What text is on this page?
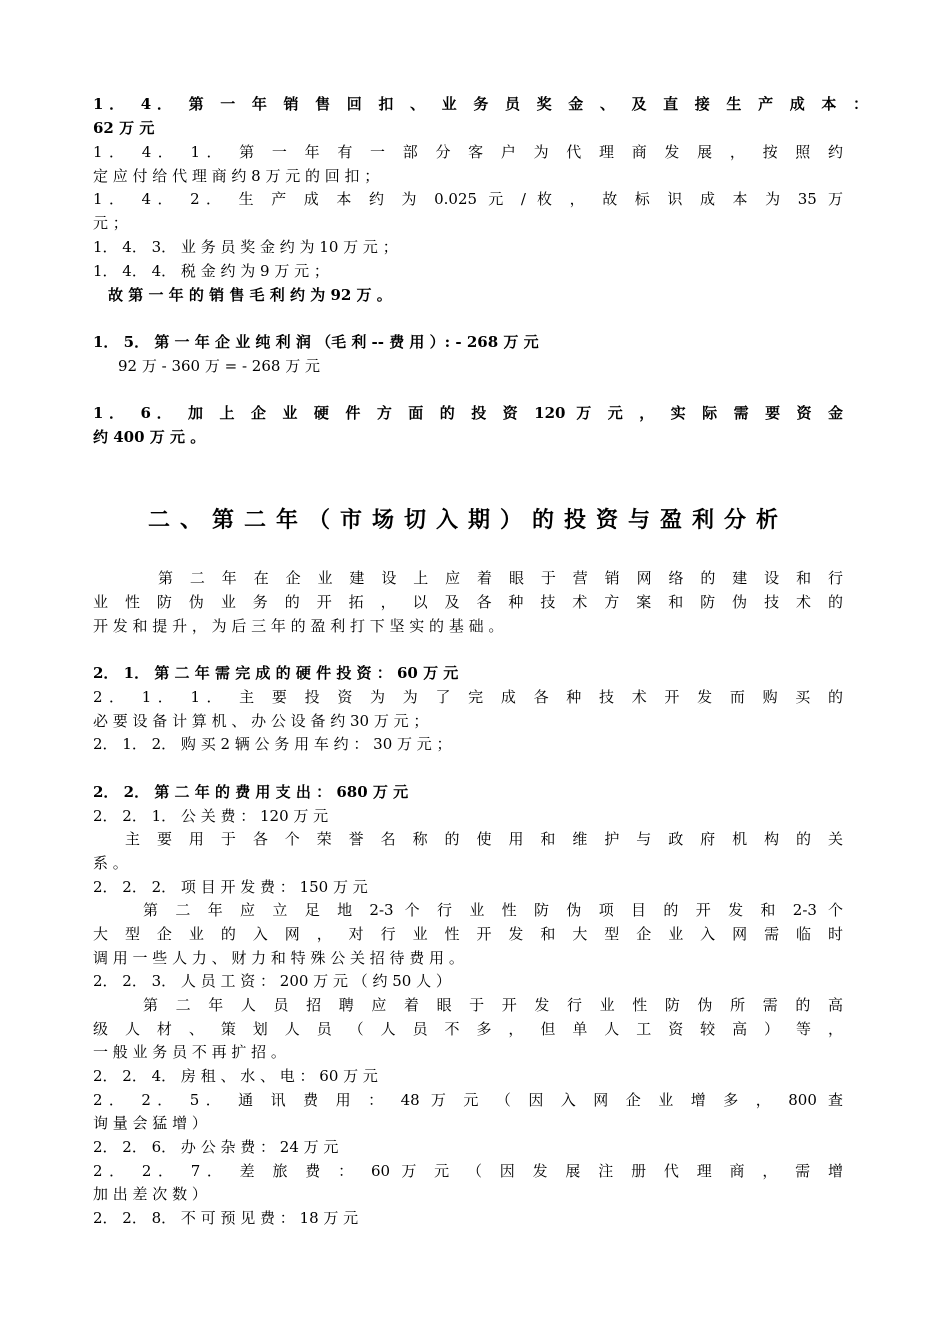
1． 4． 第 一 年 销 售 回 扣 、 业 务 员 奖 金 、 及 直 接 生 产 成 本 ：
62 万 元
1． 4． 1． 第 一 年 有 一 部 分 客 户 为 代 理 商 发 展 ， 按 照 约
定 应 付 给 代 理 商 约 8 万 元 的 回 扣 ；
1． 4． 2． 生 产 成 本 约 为 0.025 元 / 枚 ， 故 标 识 成 本 为 35 万
元 ；
1． 4． 3． 业 务 员 奖 金 约 为 10 万 元 ；
1． 4． 4． 税 金 约 为 9 万 元 ；
故 第 一 年 的 销 售 毛 利 约 为 92 万 。
1． 5． 第 一 年 企 业 纯 利 润 （毛 利 -- 费 用 ）: - 268 万 元
92 万 - 360 万 = - 268 万 元
1． 6． 加 上 企 业 硬 件 方 面 的 投 资 120 万 元 ， 实 际 需 要 资 金
约 400 万 元 。
二、第二年（市场切入期）的投资与盈利分析
第 二 年 在 企 业 建 设 上 应 着 眼 于 营 销 网 络 的 建 设 和 行
业 性 防 伪 业 务 的 开 拓 ， 以 及 各 种 技 术 方 案 和 防 伪 技 术 的
开 发 和 提 升 ， 为 后 三 年 的 盈 利 打 下 坚 实 的 基 础 。
2． 1． 第 二 年 需 完 成 的 硬 件 投 资 ： 60 万 元
2． 1． 1． 主 要 投 资 为 为 了 完 成 各 种 技 术 开 发 而 购 买 的
必 要 设 备 计 算 机 、 办 公 设 备 约 30 万 元 ；
2． 1． 2． 购 买 2 辆 公 务 用 车 约 ： 30 万 元 ；
2． 2． 第 二 年 的 费 用 支 出 ： 680 万 元
2． 2． 1． 公 关 费 ： 120 万 元
主 要 用 于 各 个 荣 誉 名 称 的 使 用 和 维 护 与 政 府 机 构 的 关
系 。
2． 2． 2． 项 目 开 发 费 ： 150 万 元
第 二 年 应 立 足 地 2-3 个 行 业 性 防 伪 项 目 的 开 发 和 2-3 个
大 型 企 业 的 入 网 ， 对 行 业 性 开 发 和 大 型 企 业 入 网 需 临 时
调 用 一 些 人 力 、 财 力 和 特 殊 公 关 招 待 费 用 。
2． 2． 3． 人 员 工 资 ： 200 万 元 （ 约 50 人 ）
第 二 年 人 员 招 聘 应 着 眼 于 开 发 行 业 性 防 伪 所 需 的 高
级 人 材 、 策 划 人 员 （ 人 员 不 多 ， 但 单 人 工 资 较 高 ） 等 ，
一 般 业 务 员 不 再 扩 招 。
2． 2． 4． 房 租 、 水 、 电 ： 60 万 元
2． 2． 5． 通 讯 费 用 ： 48 万 元 （ 因 入 网 企 业 增 多 ， 800 查
询 量 会 猛 增 ）
2． 2． 6． 办 公 杂 费 ： 24 万 元
2． 2． 7． 差 旅 费 ： 60 万 元 （ 因 发 展 注 册 代 理 商 ， 需 增
加 出 差 次 数 ）
2． 2． 8． 不 可 预 见 费 ： 18 万 元
